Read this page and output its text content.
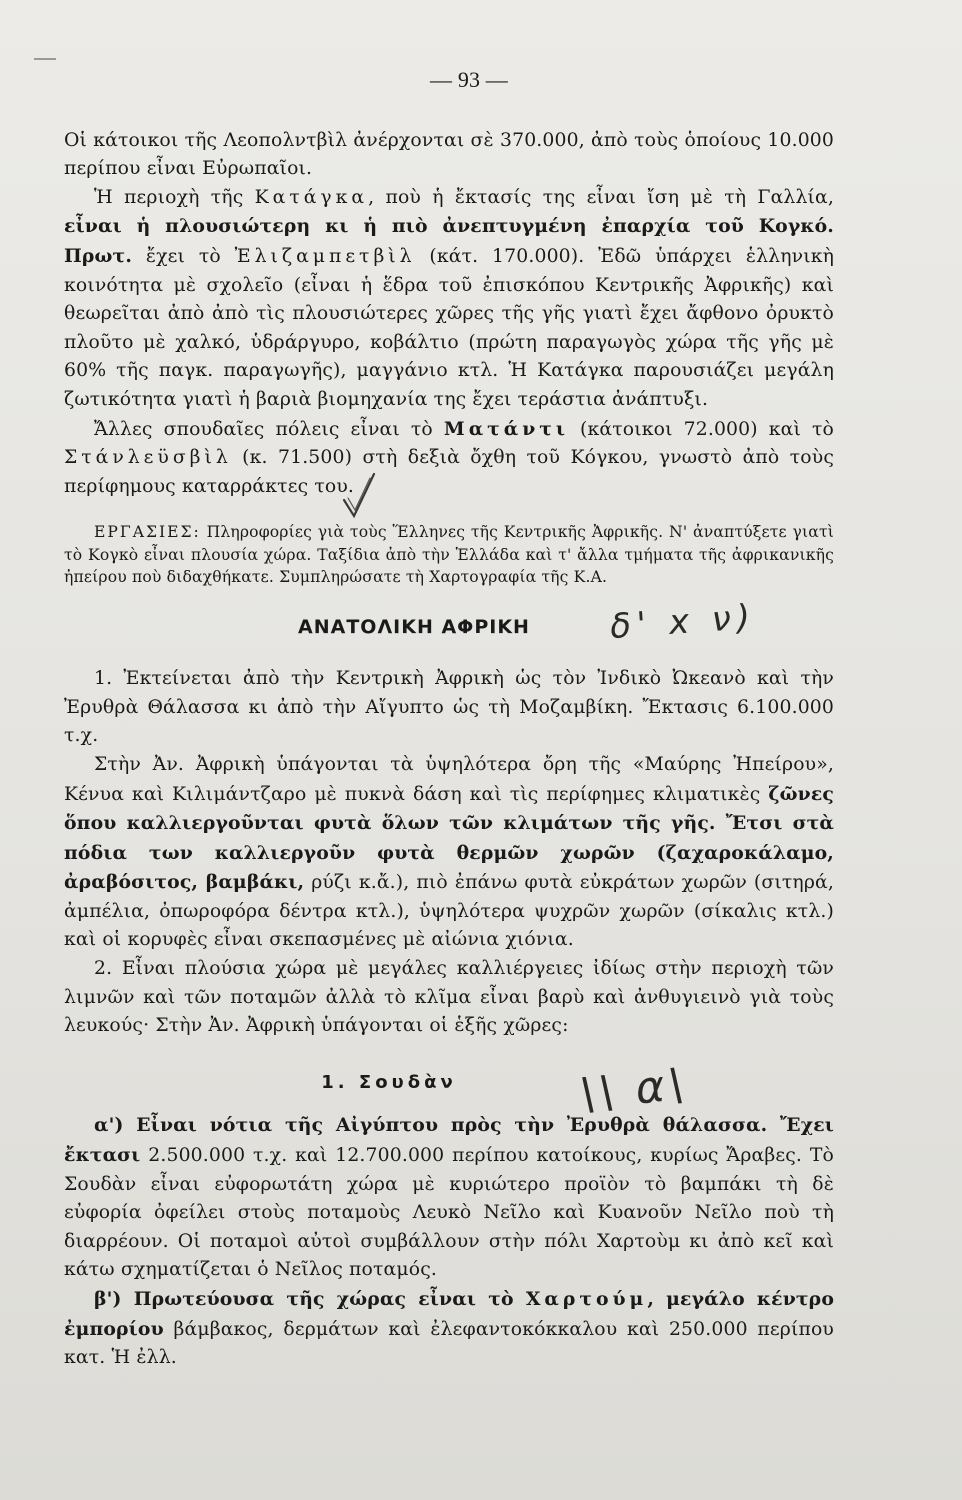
— 93 —

Οἱ κάτοικοι τῆς Λεοπολντβὶλ ἀνέρχονται σὲ 370.000, ἀπὸ τοὺς ὁποίους 10.000 περίπου εἶναι Εὐρωπαῖοι.

Ἡ περιοχὴ τῆς Κατάγκα, ποὺ ἡ ἔκτασίς της εἶναι ἴση μὲ τὴ Γαλλία, εἶναι ἡ πλουσιώτερη κι ἡ πιὸ ἀνεπτυγμένη ἐπαρχία τοῦ Κογκό. Πρωτ. ἔχει τὸ Ἐλιζαμπετβὶλ (κάτ. 170.000). Ἐδῶ ὑπάρχει ἑλληνικὴ κοινότητα μὲ σχολεῖο (εἶναι ἡ ἕδρα τοῦ ἐπισκόπου Κεντρικῆς Ἀφρικῆς) καὶ θεωρεῖται ἀπὸ ἀπὸ τὶς πλουσιώτερες χῶρες τῆς γῆς γιατὶ ἔχει ἄφθονο ὀρυκτὸ πλοῦτο μὲ χαλκό, ὑδράργυρο, κοβάλτιο (πρώτη παραγωγὸς χώρα τῆς γῆς μὲ 60% τῆς παγκ. παραγωγῆς), μαγγάνιο κτλ. Ἡ Κατάγκα παρουσιάζει μεγάλη ζωτικότητα γιατὶ ἡ βαριὰ βιομηχανία της ἔχει τεράστια ἀνάπτυξι.

Ἄλλες σπουδαῖες πόλεις εἶναι τὸ Ματάντι (κάτοικοι 72.000) καὶ τὸ Στάνλεϋσβὶλ (κ. 71.500) στὴ δεξιὰ ὄχθη τοῦ Κόγκου, γνωστὸ ἀπὸ τοὺς περίφημους καταρράκτες του.

ΕΡΓΑΣΙΕΣ: Πληροφορίες γιὰ τοὺς Ἕλληνες τῆς Κεντρικῆς Ἀφρικῆς. Ν' ἀναπτύξετε γιατὶ τὸ Κογκὸ εἶναι πλουσία χώρα. Ταξίδια ἀπὸ τὴν Ἑλλάδα καὶ τ' ἄλλα τμήματα τῆς ἀφρικανικῆς ἠπείρου ποὺ διδαχθήκατε. Συμπληρώσατε τὴ Χαρτογραφία τῆς Κ.Α.

ΑΝΑΤΟΛΙΚΗ ΑΦΡΙΚΗ

1. Ἐκτείνεται ἀπὸ τὴν Κεντρικὴ Ἀφρικὴ ὡς τὸν Ἰνδικὸ Ὠκεανὸ καὶ τὴν Ἐρυθρὰ Θάλασσα κι ἀπὸ τὴν Αἴγυπτο ὡς τὴ Μοζαμβίκη. Ἔκτασις 6.100.000 τ.χ.

Στὴν Ἀν. Ἀφρικὴ ὑπάγονται τὰ ὑψηλότερα ὄρη τῆς «Μαύρης Ἠπείρου», Κένυα καὶ Κιλιμάντζαρο μὲ πυκνὰ δάση καὶ τὶς περίφημες κλιματικὲς ζῶνες ὅπου καλλιεργοῦνται φυτὰ ὅλων τῶν κλιμάτων τῆς γῆς. Ἔτσι στὰ πόδια των καλλιεργοῦν φυτὰ θερμῶν χωρῶν (ζαχαροκάλαμο, ἀραβόσιτος, βαμβάκι, ρύζι κ.ἄ.), πιὸ ἐπάνω φυτὰ εὐκράτων χωρῶν (σιτηρά, ἀμπέλια, ὀπωροφόρα δέντρα κτλ.), ὑψηλότερα ψυχρῶν χωρῶν (σίκαλις κτλ.) καὶ οἱ κορυφὲς εἶναι σκεπασμένες μὲ αἰώνια χιόνια.

2. Εἶναι πλούσια χώρα μὲ μεγάλες καλλιέργειες ἰδίως στὴν περιοχὴ τῶν λιμνῶν καὶ τῶν ποταμῶν ἀλλὰ τὸ κλῖμα εἶναι βαρὺ καὶ ἀνθυγιεινὸ γιὰ τοὺς λευκούς· Στὴν Ἀν. Ἀφρικὴ ὑπάγονται οἱ ἑξῆς χῶρες:

1. Σουδὰν

α') Εἶναι νότια τῆς Αἰγύπτου πρὸς τὴν Ἐρυθρὰ θάλασσα. Ἔχει ἔκτασι 2.500.000 τ.χ. καὶ 12.700.000 περίπου κατοίκους, κυρίως Ἄραβες. Τὸ Σουδὰν εἶναι εὐφορωτάτη χώρα μὲ κυριώτερο προϊὸν τὸ βαμπάκι τὴ δὲ εὐφορία ὀφείλει στοὺς ποταμοὺς Λευκὸ Νεῖλο καὶ Κυανοῦν Νεῖλο ποὺ τὴ διαρρέουν. Οἱ ποταμοὶ αὐτοὶ συμβάλλουν στὴν πόλι Χαρτοὺμ κι ἀπὸ κεῖ καὶ κάτω σχηματίζεται ὁ Νεῖλος ποταμός.

β') Πρωτεύουσα τῆς χώρας εἶναι τὸ Χαρτούμ, μεγάλο κέντρο ἐμπορίου βάμβακος, δερμάτων καὶ ἐλεφαντοκόκκαλου καὶ 250.000 περίπου κατ. Ἡ ἐλλ.

δ' x ν)
\\ α\
